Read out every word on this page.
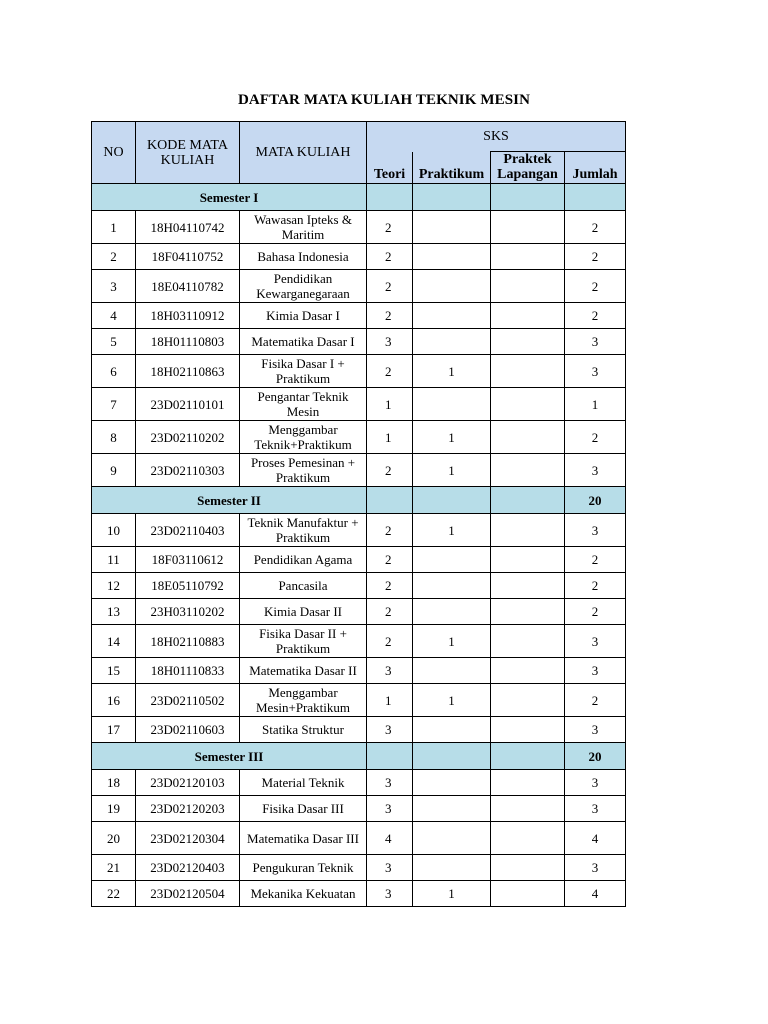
DAFTAR MATA KULIAH TEKNIK MESIN
NO	KODE MATA KULIAH	MATA KULIAH	SKS			
			Teori	Praktikum	Praktek Lapangan	Jumlah
Semester I						
1	18H04110742	Wawasan Ipteks & Maritim	2			2
2	18F04110752	Bahasa Indonesia	2			2
3	18E04110782	Pendidikan Kewarganegaraan	2			2
4	18H03110912	Kimia Dasar I	2			2
5	18H01110803	Matematika Dasar I	3			3
6	18H02110863	Fisika Dasar I + Praktikum	2	1		3
7	23D02110101	Pengantar Teknik Mesin	1			1
8	23D02110202	Menggambar Teknik+Praktikum	1	1		2
9	23D02110303	Proses Pemesinan + Praktikum	2	1		3
Semester II						20
10	23D02110403	Teknik Manufaktur + Praktikum	2	1		3
11	18F03110612	Pendidikan Agama	2			2
12	18E05110792	Pancasila	2			2
13	23H03110202	Kimia Dasar II	2			2
14	18H02110883	Fisika Dasar II + Praktikum	2	1		3
15	18H01110833	Matematika Dasar II	3			3
16	23D02110502	Menggambar Mesin+Praktikum	1	1		2
17	23D02110603	Statika Struktur	3			3
Semester III						20
18	23D02120103	Material Teknik	3			3
19	23D02120203	Fisika Dasar III	3			3
20	23D02120304	Matematika Dasar III	4			4
21	23D02120403	Pengukuran Teknik	3			3
22	23D02120504	Mekanika Kekuatan	3	1		4
